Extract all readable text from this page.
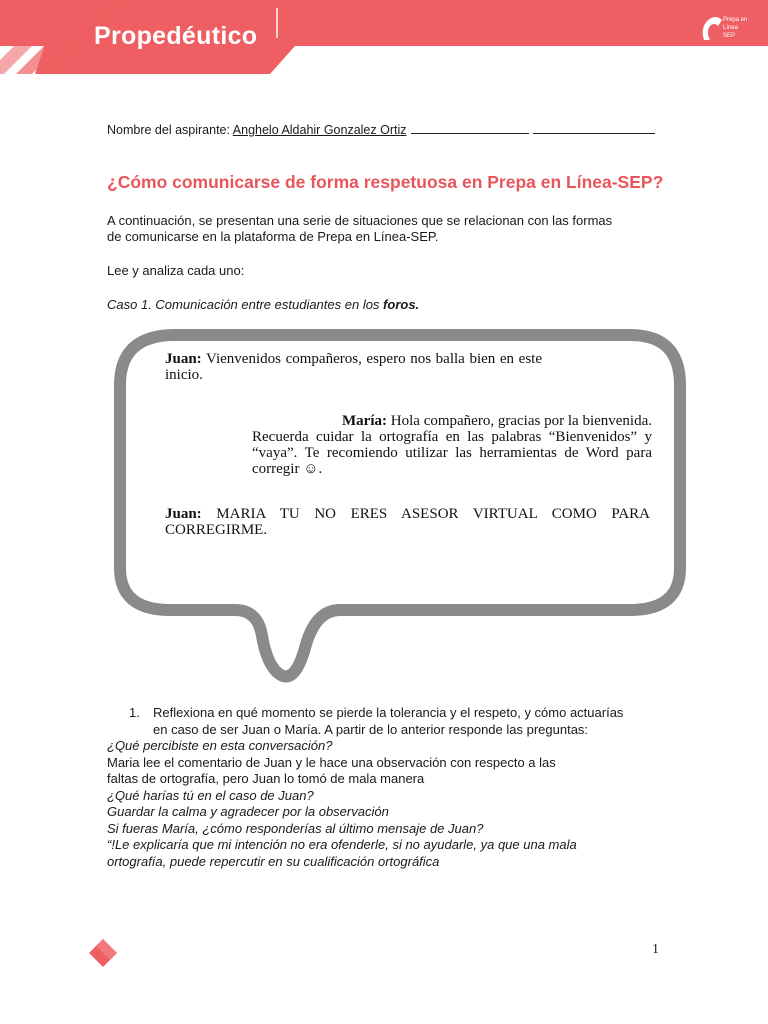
Propedéutico
Prepa en
Línea
SEP
Nombre del aspirante: Anghelo Aldahir Gonzalez Ortiz
¿Cómo comunicarse de forma respetuosa en Prepa en Línea-SEP?
A continuación, se presentan una serie de situaciones que se relacionan con las formas
de comunicarse en la plataforma de Prepa en Línea-SEP.
Lee y analiza cada uno:
Caso 1. Comunicación entre estudiantes en los foros.
Juan: Vienvenidos compañeros, espero nos balla bien en este inicio.
María: Hola compañero, gracias por la bienvenida. Recuerda cuidar la ortografía en las palabras “Bienvenidos” y “vaya”. Te recomiendo utilizar las herramientas de Word para corregir ☺.
Juan: MARIA TU NO ERES ASESOR VIRTUAL COMO PARA CORREGIRME.
1.	Reflexiona en qué momento se pierde la tolerancia y el respeto, y cómo actuarías
en caso de ser Juan o María. A partir de lo anterior responde las preguntas:
¿Qué percibiste en esta conversación?
Maria lee el comentario de Juan y le hace una observación con respecto a las
faltas de ortografía, pero Juan lo tomó de mala manera
¿Qué harías tú en el caso de Juan?
Guardar la calma y agradecer por la observación
Si fueras María, ¿cómo responderías al último mensaje de Juan?
“!Le explicaría que mi intención no era ofenderle, si no ayudarle, ya que una mala
ortografía, puede repercutir en su cualificación ortográfica
1
